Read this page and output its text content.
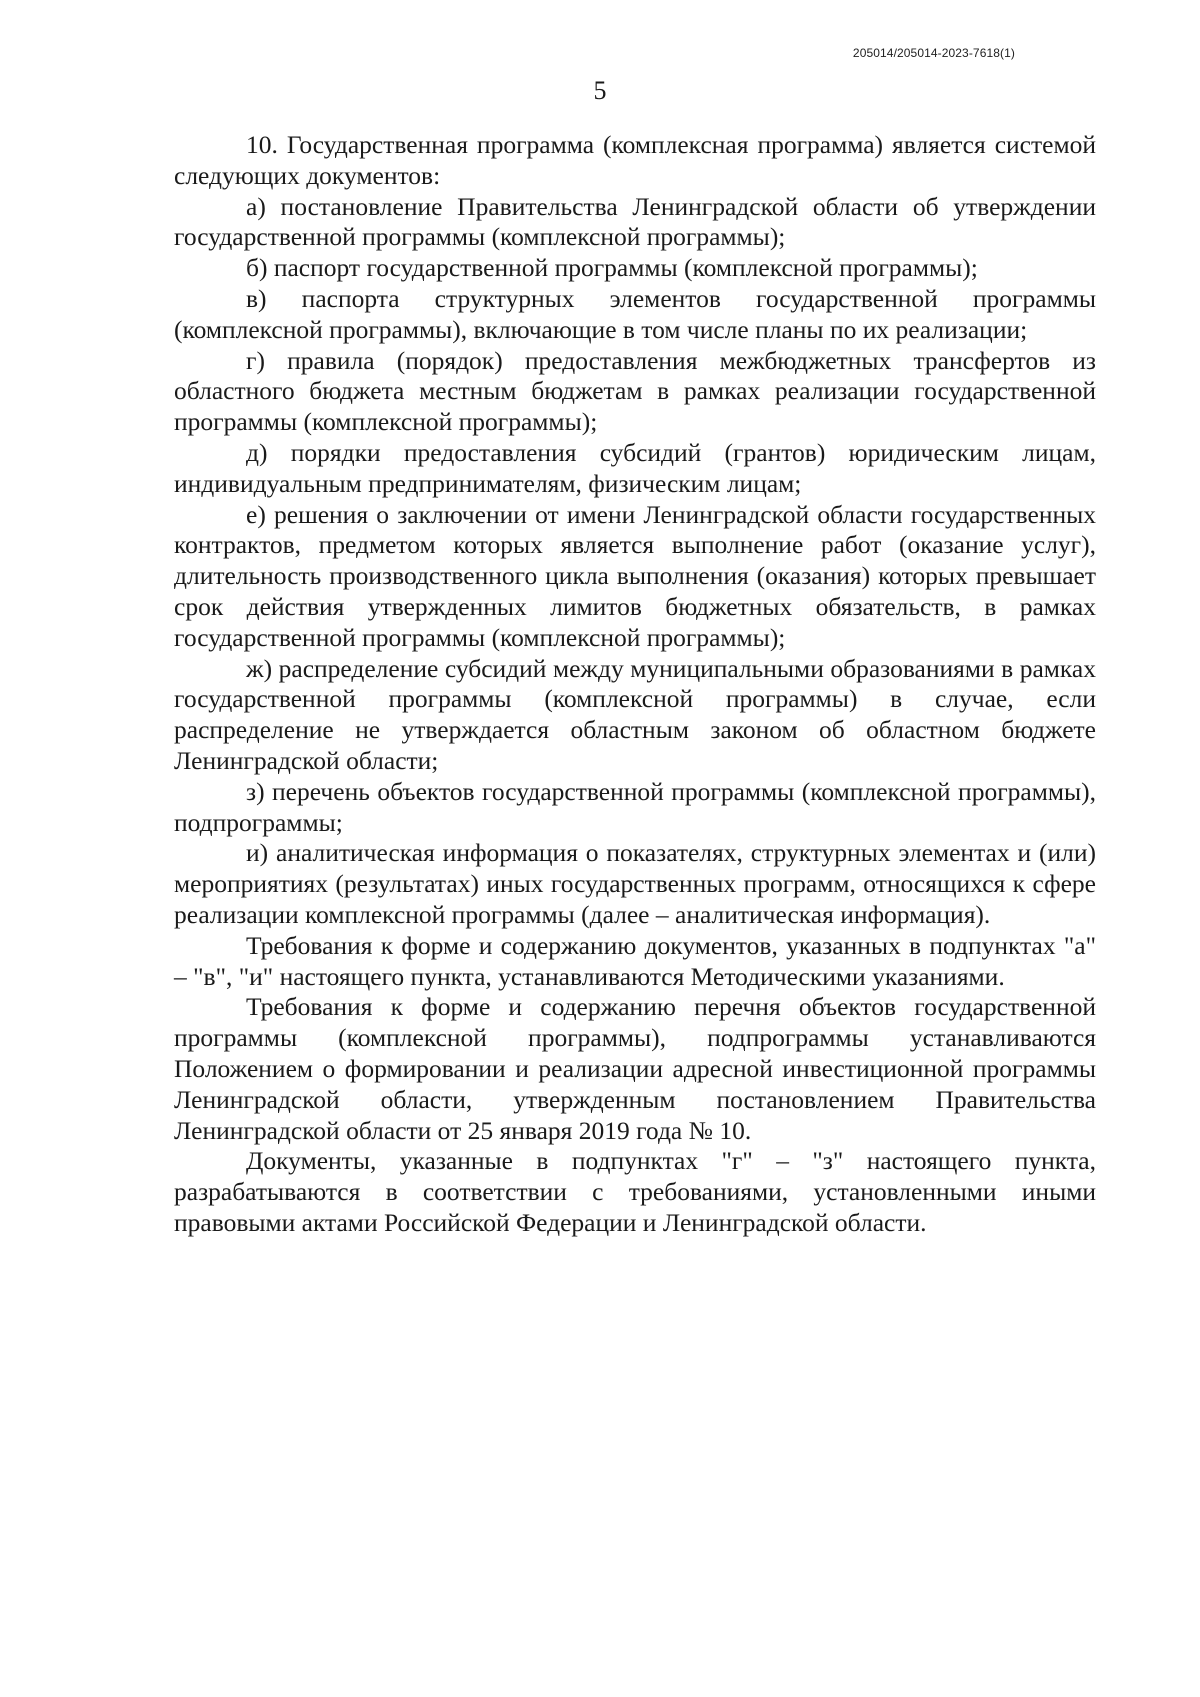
205014/205014-2023-7618(1)
5

10. Государственная программа (комплексная программа) является системой следующих документов:

а) постановление Правительства Ленинградской области об утверждении государственной программы (комплексной программы);

б) паспорт государственной программы (комплексной программы);

в) паспорта структурных элементов государственной программы (комплексной программы), включающие в том числе планы по их реализации;

г) правила (порядок) предоставления межбюджетных трансфертов из областного бюджета местным бюджетам в рамках реализации государственной программы (комплексной программы);

д) порядки предоставления субсидий (грантов) юридическим лицам, индивидуальным предпринимателям, физическим лицам;

е) решения о заключении от имени Ленинградской области государственных контрактов, предметом которых является выполнение работ (оказание услуг), длительность производственного цикла выполнения (оказания) которых превышает срок действия утвержденных лимитов бюджетных обязательств, в рамках государственной программы (комплексной программы);

ж) распределение субсидий между муниципальными образованиями в рамках государственной программы (комплексной программы) в случае, если распределение не утверждается областным законом об областном бюджете Ленинградской области;

з) перечень объектов государственной программы (комплексной программы), подпрограммы;

и) аналитическая информация о показателях, структурных элементах и (или) мероприятиях (результатах) иных государственных программ, относящихся к сфере реализации комплексной программы (далее – аналитическая информация).

Требования к форме и содержанию документов, указанных в подпунктах "а" – "в", "и" настоящего пункта, устанавливаются Методическими указаниями.

Требования к форме и содержанию перечня объектов государственной программы (комплексной программы), подпрограммы устанавливаются Положением о формировании и реализации адресной инвестиционной программы Ленинградской области, утвержденным постановлением Правительства Ленинградской области от 25 января 2019 года № 10.

Документы, указанные в подпунктах "г" – "з" настоящего пункта, разрабатываются в соответствии с требованиями, установленными иными правовыми актами Российской Федерации и Ленинградской области.
